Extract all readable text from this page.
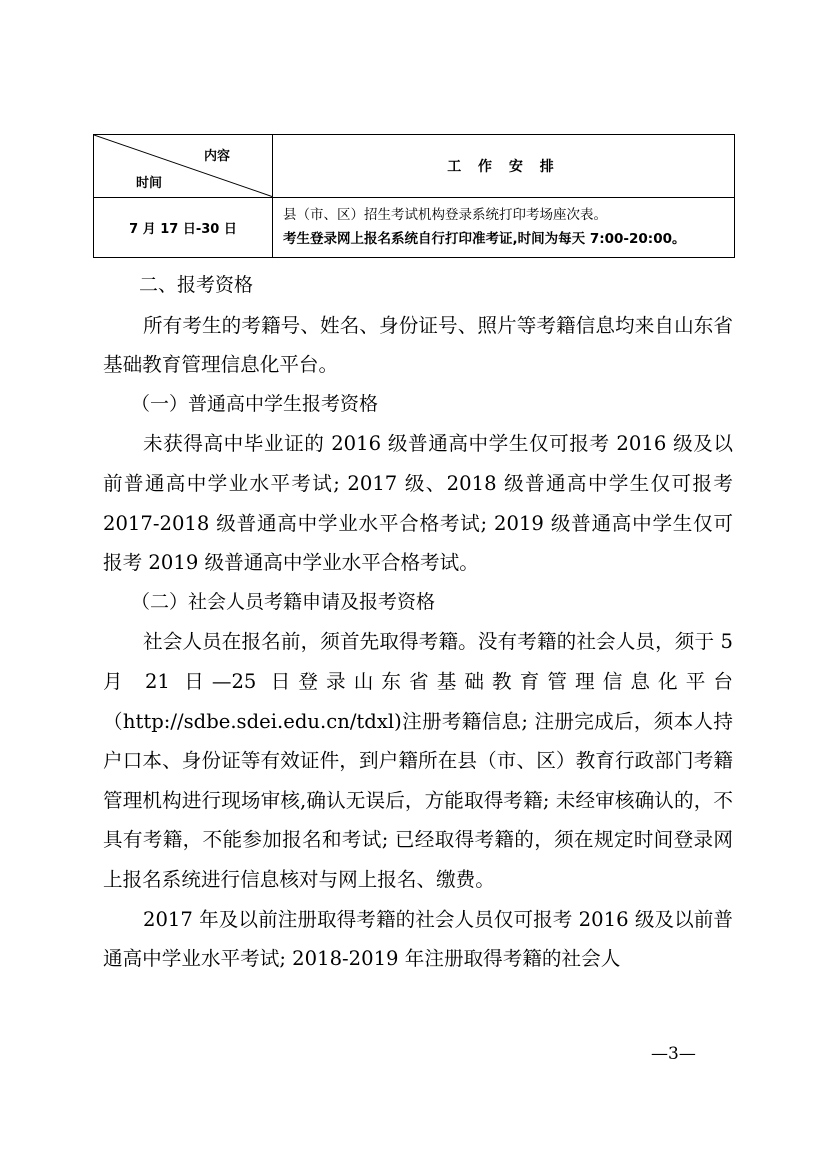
内容
时间	工 作 安 排
7 月 17 日-30 日	县（市、区）招生考试机构登录系统打印考场座次表。
考生登录网上报名系统自行打印准考证,时间为每天 7:00-20:00。

二、报考资格

所有考生的考籍号、姓名、身份证号、照片等考籍信息均来自山东省基础教育管理信息化平台。

（一）普通高中学生报考资格

未获得高中毕业证的 2016 级普通高中学生仅可报考 2016 级及以前普通高中学业水平考试; 2017 级、2018 级普通高中学生仅可报考 2017-2018 级普通高中学业水平合格考试; 2019 级普通高中学生仅可报考 2019 级普通高中学业水平合格考试。

（二）社会人员考籍申请及报考资格

社会人员在报名前，须首先取得考籍。没有考籍的社会人员，须于 5 月 21 日—25 日登录山东省基础教育管理信息化平台（http://sdbe.sdei.edu.cn/tdxl)注册考籍信息; 注册完成后，须本人持户口本、身份证等有效证件，到户籍所在县（市、区）教育行政部门考籍管理机构进行现场审核,确认无误后，方能取得考籍; 未经审核确认的，不具有考籍，不能参加报名和考试; 已经取得考籍的，须在规定时间登录网上报名系统进行信息核对与网上报名、缴费。

2017 年及以前注册取得考籍的社会人员仅可报考 2016 级及以前普通高中学业水平考试; 2018-2019 年注册取得考籍的社会人

—3—
